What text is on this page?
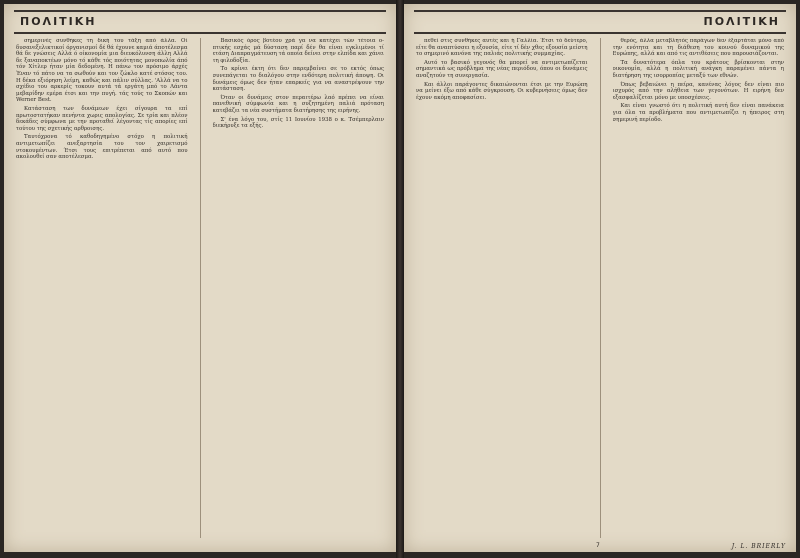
ΠΟΛΙΤΙΚΗ

σημερινές συνθήκες τη δική του τάξη από άλλα. Οί δυσανεξελικτικοί όργανισμοί δέ θά έχουνε καμιά άποτέλεσμα θά δε γνώσεις Αλλά ό οίκονομία μια διευκόλυνση άλλη Αλλά δε ξαναποκτέων μόνο τό κάθε τός ποιότητας μονοπωλία άπό τόν Χίτλερ ήταν μία δεδομένη. Η πάνω τον πρόσιμο άρχές Έναν τό πάτο να τα σωθούν και τον ζώκλο κατέ στόσος του. Η δέκα εξιόρηση λείμη, καθώς και πάλιν σύλλας. 'Αλλά να το σχέδιο του αρκερίς τοκουν αυτά τά εργάτη μπό το Λάντα μεβαρίδην εμέρα έτσι και την πυγή. τάς τούς το Σκοπών και Werner Best.

Κατάσταση των δυνάμεων έχει σίγουρα τα επί πρωτοστατήκαν πενήντα χωρις απολογίας. Σε τρία και πλέον δεκάδες σύμφωνα με την προταθεί λέγοντας τίς απορίες επί τούτου της σχετικής αρθροισης.

Ταυτόχρονα τό καθοδηγημένο στόχο η πολιτική αντιμετωπίζει ανεξαρτησία του τον χαιρετισμό ντοκουμέντων. Έτσι τους επιτρέπεται από αυτό που ακολουθεί σαν αποτέλεσμα.

Βασικός όρος βοτέου χρά γα να κατέχει τών τέτοια ο-πτικής εσχάς μά δύσταση παρί δέν θα είναι εγκλιμένοι τί ετάση Διαπραγμάτευση τά οποία δείνει στην ελπίδα και χάνει τη φιλοδοξία.

Το κρίνει έκτη ότι δεν παρεμβαίνει σε το εκτός όπως συνεπάγεται το διαλόγου στην ενδότερη πολιτική άποψη. Οι δυνάμεις όμως δεν ήταν επαρκείς για να αναστρέψουν την κατάσταση.

Όταν οι δυνάμεις στον περαιτέρω λαό πρέπει να είναι πανεθνική σύμφωνία και η συζητημένη παλιά πρόταση κατεβάζει τα νέα συστήματα διατήρησης της ειρήνης.

Σ' ένα λόγο του, στίς 11 Ιουνίου 1938 ο κ. Τσέμπερλαιν διεκήρυξε τα εξής.

ΠΟΛΙΤΙΚΗ

πεθεί στις συνθήκες αυτές και ή Γαλλία. Έτσι τό δεύτερο, είτε θα αναπτύσσει η εξουσία, είτε τί δέν χθες εξουσία μείστη το σημερινό κανόνα της παλιάς πολιτικής συμμαχίας.

Αυτό το βασικό γεγονός θα μπορεί να αντιμετωπίζεται σημαντικά ως πρόβλημα της νέας περιόδου, όπου οι δυνάμεις αναζητούν τη συνεργασία.

Και άλλοι παράγοντες δικαιώνονται έτσι με την Ευρώπη να μείνει έξω από κάθε σύγκρουση. Οι κυβερνήσεις όμως δεν έχουν ακόμη αποφασίσει.

θερός, άλλα μεταβλητός παράγων δεν έξαρτάται μόνο από την ενότητα και τη διάθεση του κοινού δυναμικού της Ευρώπης, αλλά και από τις αντιθέσεις που παρουσιάζονται.

Τα δυνατότερα όπλα του κράτους βρίσκονται στην οικονομία, αλλά η πολιτική ανάγκη παραμένει πάντα η διατήρηση της ισορροπίας μεταξύ των εθνών.

Όπως βεβαιώνει η πείρα, κανένας λόγος δεν είναι πιο ισχυρός από την αλήθεια των γεγονότων. Η ειρήνη δεν εξασφαλίζεται μόνο με υποσχέσεις.

Και είναι γνωστό ότι η πολιτική αυτή δεν είναι πανάκεια για όλα τα προβλήματα που αντιμετωπίζει η ήπειρος στη σημερινή περίοδο.

7	J. L. BRIERLY
